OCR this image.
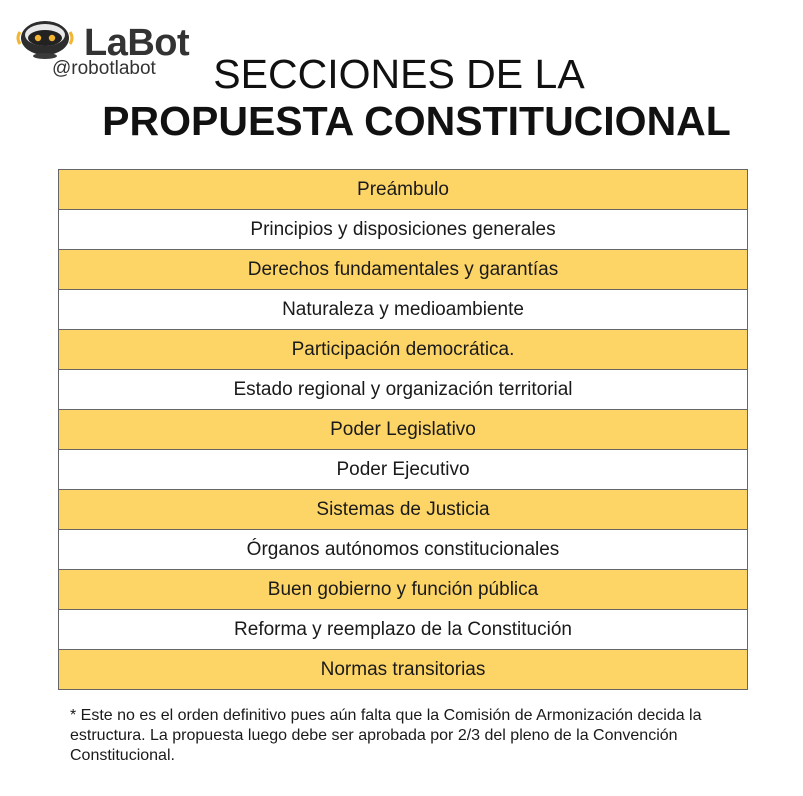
LaBot
@robotlabot	SECCIONES DE LA
PROPUESTA CONSTITUCIONAL
Preámbulo
Principios y disposiciones generales
Derechos fundamentales y garantías
Naturaleza y medioambiente
Participación democrática.
Estado regional y organización territorial
Poder Legislativo
Poder Ejecutivo
Sistemas de Justicia
Órganos autónomos constitucionales
Buen gobierno y función pública
Reforma y reemplazo de la Constitución
Normas transitorias
* Este no es el orden definitivo pues aún falta que la Comisión de Armonización decida la estructura. La propuesta luego debe ser aprobada por 2/3 del pleno de la Convención Constitucional.
